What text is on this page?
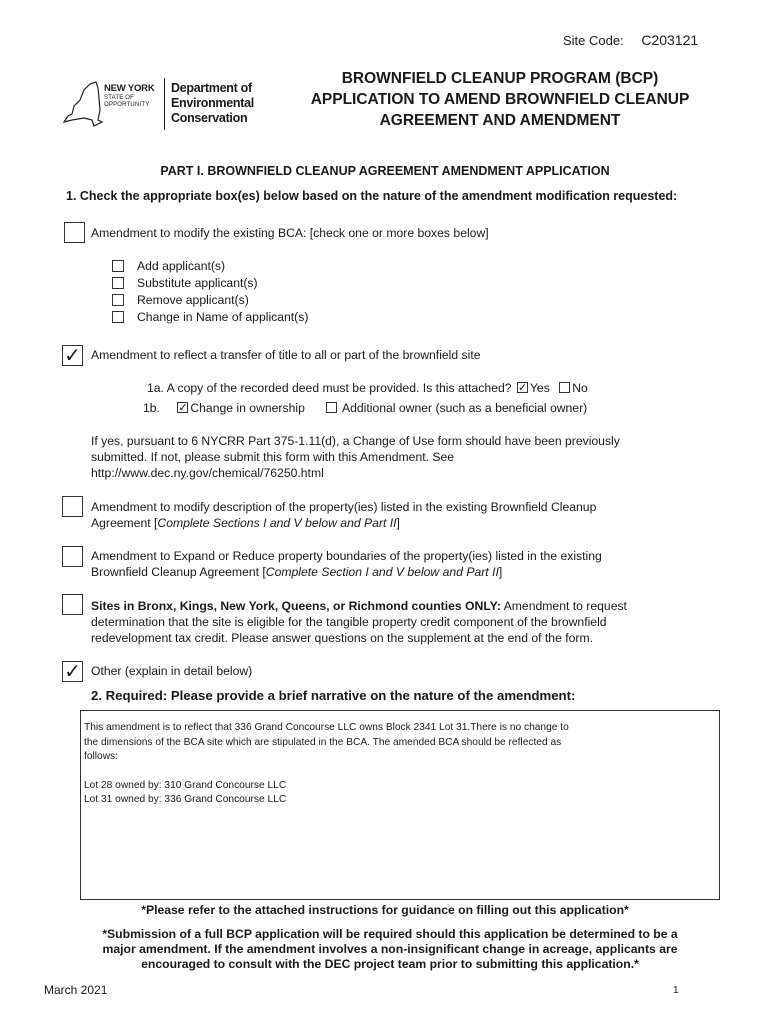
Site Code: C203121
NEW YORK
STATE OF
OPPORTUNITY
Department of
Environmental
Conservation
BROWNFIELD CLEANUP PROGRAM (BCP)
APPLICATION TO AMEND BROWNFIELD CLEANUP
AGREEMENT AND AMENDMENT
PART I. BROWNFIELD CLEANUP AGREEMENT AMENDMENT APPLICATION
1. Check the appropriate box(es) below based on the nature of the amendment modification requested:
Amendment to modify the existing BCA: [check one or more boxes below]
Add applicant(s)
Substitute applicant(s)
Remove applicant(s)
Change in Name of applicant(s)
✓ Amendment to reflect a transfer of title to all or part of the brownfield site
1a. A copy of the recorded deed must be provided. Is this attached? ✓ Yes No
1b. ✓ Change in ownership	Additional owner (such as a beneficial owner)
If yes, pursuant to 6 NYCRR Part 375-1.11(d), a Change of Use form should have been previously
submitted. If not, please submit this form with this Amendment. See
http://www.dec.ny.gov/chemical/76250.html
Amendment to modify description of the property(ies) listed in the existing Brownfield Cleanup
Agreement [Complete Sections I and V below and Part II]
Amendment to Expand or Reduce property boundaries of the property(ies) listed in the existing
Brownfield Cleanup Agreement [Complete Section I and V below and Part II]
Sites in Bronx, Kings, New York, Queens, or Richmond counties ONLY: Amendment to request
determination that the site is eligible for the tangible property credit component of the brownfield
redevelopment tax credit. Please answer questions on the supplement at the end of the form.
✓ Other (explain in detail below)
2. Required: Please provide a brief narrative on the nature of the amendment:

This amendment is to reflect that 336 Grand Concourse LLC owns Block 2341 Lot 31.There is no change to
the dimensions of the BCA site which are stipulated in the BCA. The amended BCA should be reflected as
follows:

Lot 28 owned by: 310 Grand Concourse LLC
Lot 31 owned by: 336 Grand Concourse LLC
*Please refer to the attached instructions for guidance on filling out this application*
*Submission of a full BCP application will be required should this application be determined to be a
major amendment. If the amendment involves a non-insignificant change in acreage, applicants are
encouraged to consult with the DEC project team prior to submitting this application.*
March 2021	1
